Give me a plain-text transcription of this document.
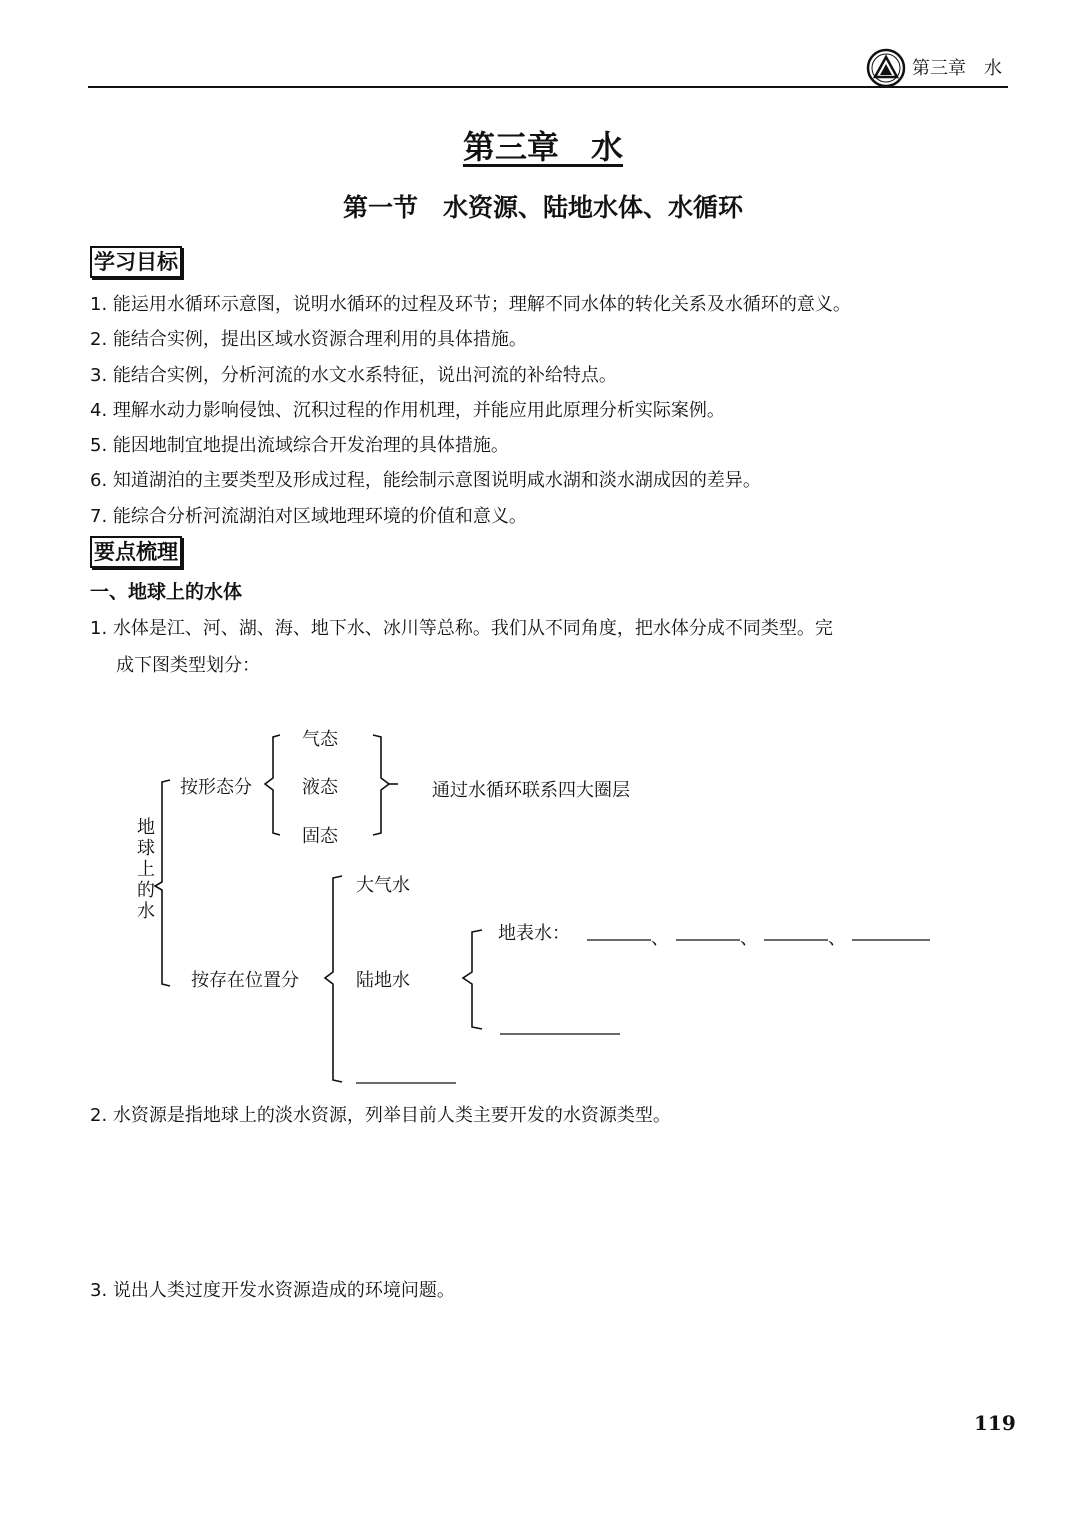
第三章　水
第三章　水
第一节　水资源、陆地水体、水循环
学习目标
1. 能运用水循环示意图，说明水循环的过程及环节；理解不同水体的转化关系及水循环的意义。
2. 能结合实例，提出区域水资源合理利用的具体措施。
3. 能结合实例，分析河流的水文水系特征，说出河流的补给特点。
4. 理解水动力影响侵蚀、沉积过程的作用机理，并能应用此原理分析实际案例。
5. 能因地制宜地提出流域综合开发治理的具体措施。
6. 知道湖泊的主要类型及形成过程，能绘制示意图说明咸水湖和淡水湖成因的差异。
7. 能综合分析河流湖泊对区域地理环境的价值和意义。
要点梳理
一、地球上的水体
1. 水体是江、河、湖、海、地下水、冰川等总称。我们从不同角度，把水体分成不同类型。完
成下图类型划分：
地球上的水
按形态分
气态
液态
固态
通过水循环联系四大圈层
按存在位置分
大气水
陆地水
地表水：	、	、	、
2. 水资源是指地球上的淡水资源，列举目前人类主要开发的水资源类型。
3. 说出人类过度开发水资源造成的环境问题。
119
